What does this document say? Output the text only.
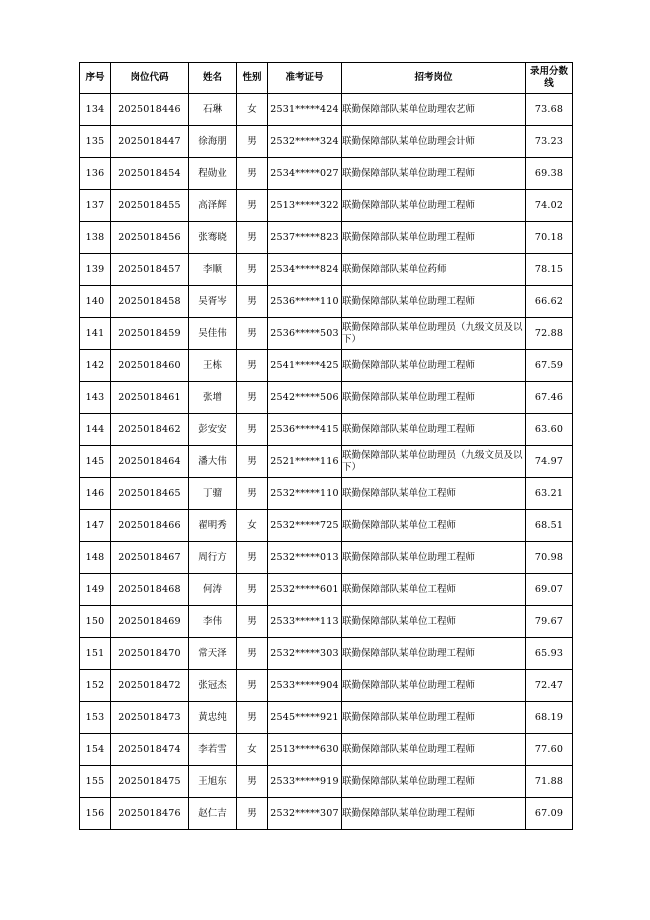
序号	岗位代码	姓名	性别	准考证号	招考岗位	录用分数线
134	2025018446	石琳	女	2531*****424	联勤保障部队某单位助理农艺师	73.68
135	2025018447	徐海朋	男	2532*****324	联勤保障部队某单位助理会计师	73.23
136	2025018454	程勋业	男	2534*****027	联勤保障部队某单位助理工程师	69.38
137	2025018455	高泽辉	男	2513*****322	联勤保障部队某单位助理工程师	74.02
138	2025018456	张骞晓	男	2537*****823	联勤保障部队某单位助理工程师	70.18
139	2025018457	李顺	男	2534*****824	联勤保障部队某单位药师	78.15
140	2025018458	吴胥岑	男	2536*****110	联勤保障部队某单位助理工程师	66.62
141	2025018459	吴佳伟	男	2536*****503	联勤保障部队某单位助理员（九级文员及以下）	72.88
142	2025018460	王栋	男	2541*****425	联勤保障部队某单位助理工程师	67.59
143	2025018461	张增	男	2542*****506	联勤保障部队某单位助理工程师	67.46
144	2025018462	彭安安	男	2536*****415	联勤保障部队某单位助理工程师	63.60
145	2025018464	潘大伟	男	2521*****116	联勤保障部队某单位助理员（九级文员及以下）	74.97
146	2025018465	丁骝	男	2532*****110	联勤保障部队某单位工程师	63.21
147	2025018466	翟明秀	女	2532*****725	联勤保障部队某单位工程师	68.51
148	2025018467	周行方	男	2532*****013	联勤保障部队某单位助理工程师	70.98
149	2025018468	何涛	男	2532*****601	联勤保障部队某单位工程师	69.07
150	2025018469	李伟	男	2533*****113	联勤保障部队某单位工程师	79.67
151	2025018470	常天泽	男	2532*****303	联勤保障部队某单位助理工程师	65.93
152	2025018472	张冠杰	男	2533*****904	联勤保障部队某单位助理工程师	72.47
153	2025018473	黄忠纯	男	2545*****921	联勤保障部队某单位助理工程师	68.19
154	2025018474	李若雪	女	2513*****630	联勤保障部队某单位助理工程师	77.60
155	2025018475	王旭东	男	2533*****919	联勤保障部队某单位助理工程师	71.88
156	2025018476	赵仁吉	男	2532*****307	联勤保障部队某单位助理工程师	67.09
